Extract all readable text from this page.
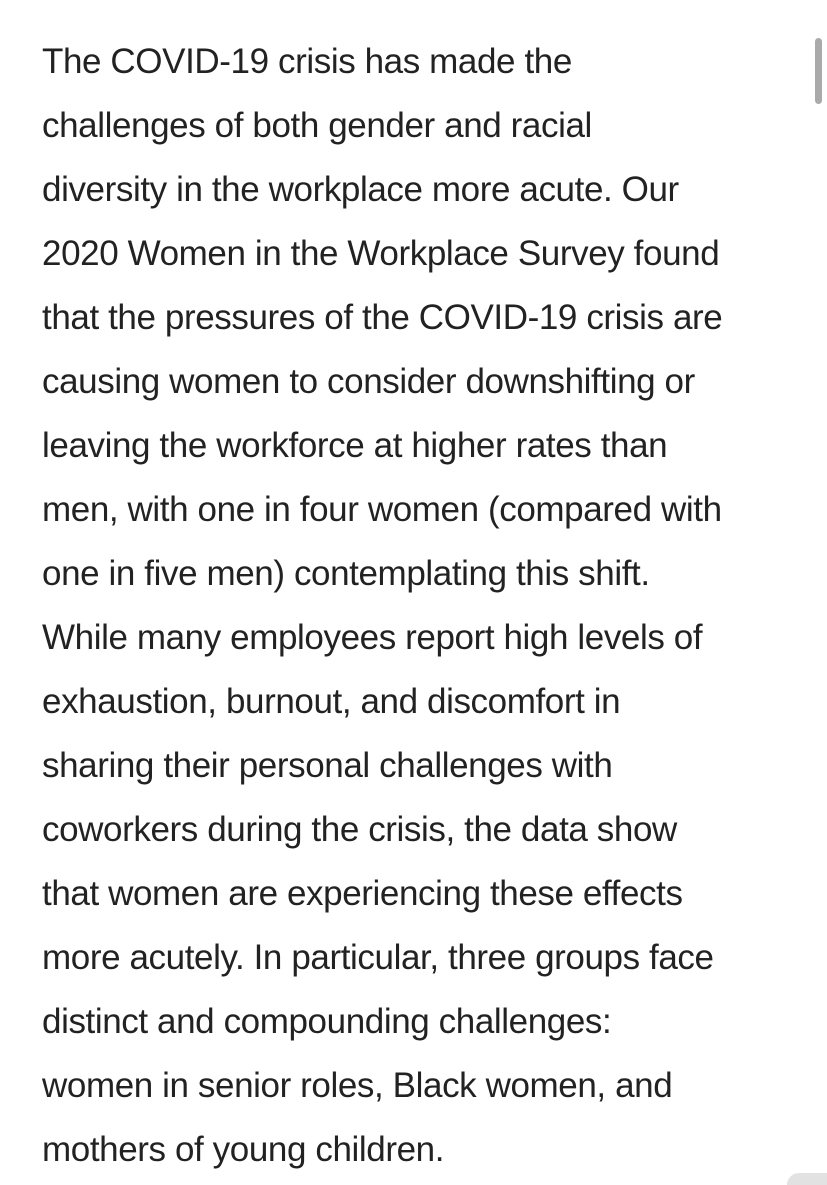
The COVID-19 crisis has made the
challenges of both gender and racial
diversity in the workplace more acute. Our
2020 Women in the Workplace Survey found
that the pressures of the COVID-19 crisis are
causing women to consider downshifting or
leaving the workforce at higher rates than
men, with one in four women (compared with
one in five men) contemplating this shift.
While many employees report high levels of
exhaustion, burnout, and discomfort in
sharing their personal challenges with
coworkers during the crisis, the data show
that women are experiencing these effects
more acutely. In particular, three groups face
distinct and compounding challenges:
women in senior roles, Black women, and
mothers of young children.
